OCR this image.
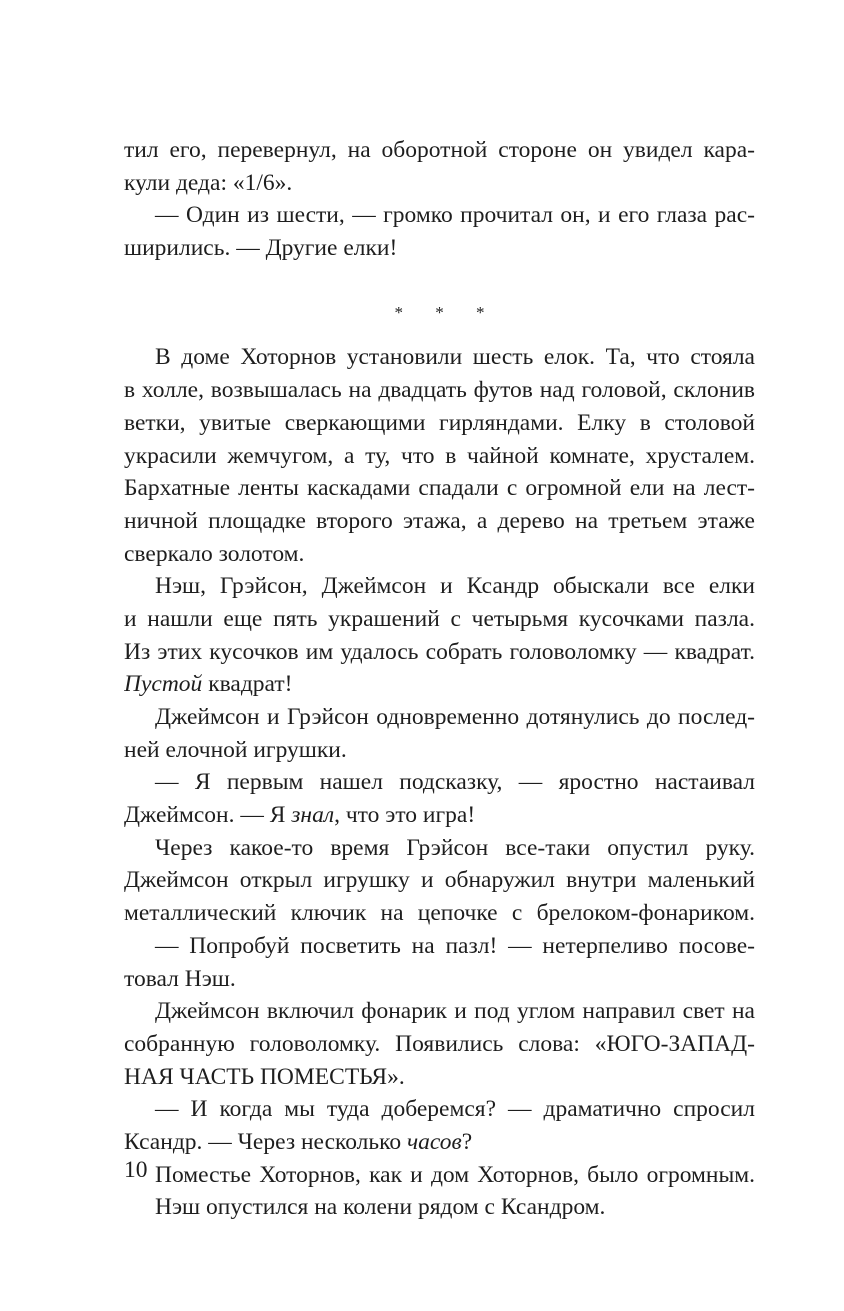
тил его, перевернул, на оборотной стороне он увидел кара-
кули деда: «1/6».
— Один из шести, — громко прочитал он, и его глаза рас-
ширились. — Другие елки!
* * *
В доме Хоторнов установили шесть елок. Та, что стояла
в холле, возвышалась на двадцать футов над головой, склонив
ветки, увитые сверкающими гирляндами. Елку в столовой
украсили жемчугом, а ту, что в чайной комнате, хрусталем.
Бархатные ленты каскадами спадали с огромной ели на лест-
ничной площадке второго этажа, а дерево на третьем этаже
сверкало золотом.
Нэш, Грэйсон, Джеймсон и Ксандр обыскали все елки
и нашли еще пять украшений с четырьмя кусочками пазла.
Из этих кусочков им удалось собрать головоломку — квадрат.
Пустой квадрат!
Джеймсон и Грэйсон одновременно дотянулись до послед-
ней елочной игрушки.
— Я первым нашел подсказку, — яростно настаивал
Джеймсон. — Я знал, что это игра!
Через какое-то время Грэйсон все-таки опустил руку.
Джеймсон открыл игрушку и обнаружил внутри маленький
металлический ключик на цепочке с брелоком-фонариком.
— Попробуй посветить на пазл! — нетерпеливо посове-
товал Нэш.
Джеймсон включил фонарик и под углом направил свет на
собранную головоломку. Появились слова: «ЮГО-ЗАПАД-
НАЯ ЧАСТЬ ПОМЕСТЬЯ».
— И когда мы туда доберемся? — драматично спросил
Ксандр. — Через несколько часов?
Поместье Хоторнов, как и дом Хоторнов, было огромным.
Нэш опустился на колени рядом с Ксандром.
10
